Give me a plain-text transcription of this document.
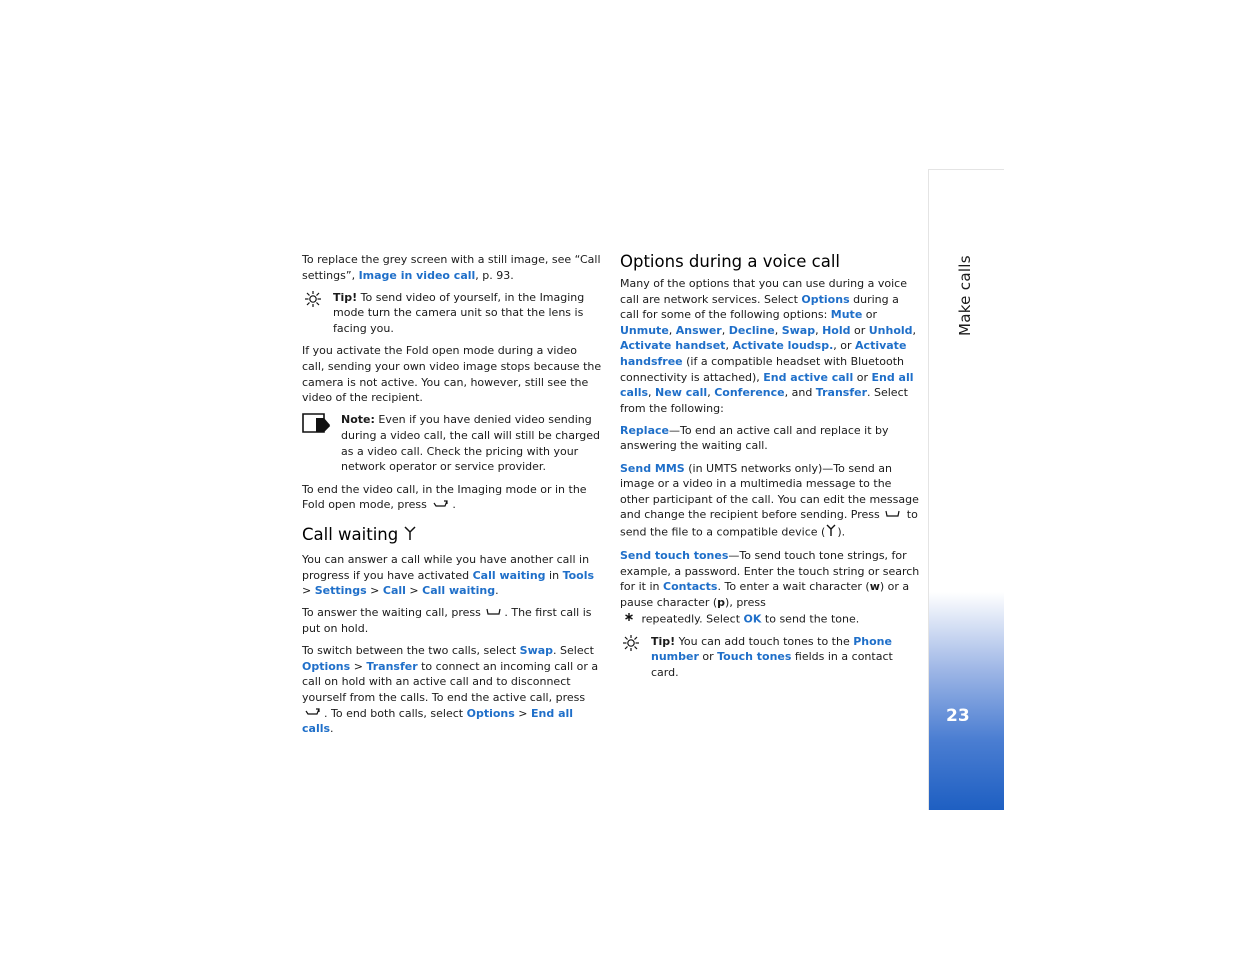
Make calls
23

To replace the grey screen with a still image, see “Call settings”, Image in video call, p. 93.

Tip! To send video of yourself, in the Imaging mode turn the camera unit so that the lens is facing you.

If you activate the Fold open mode during a video call, sending your own video image stops because the camera is not active. You can, however, still see the video of the recipient.

Note: Even if you have denied video sending during a video call, the call will still be charged as a video call. Check the pricing with your network operator or service provider.

To end the video call, in the Imaging mode or in the Fold open mode, press .

Call waiting

You can answer a call while you have another call in progress if you have activated Call waiting in Tools > Settings > Call > Call waiting.

To answer the waiting call, press . The first call is put on hold.

To switch between the two calls, select Swap. Select Options > Transfer to connect an incoming call or a call on hold with an active call and to disconnect yourself from the calls. To end the active call, press . To end both calls, select Options > End all calls.

Options during a voice call

Many of the options that you can use during a voice call are network services. Select Options during a call for some of the following options: Mute or Unmute, Answer, Decline, Swap, Hold or Unhold, Activate handset, Activate loudsp., or Activate handsfree (if a compatible headset with Bluetooth connectivity is attached), End active call or End all calls, New call, Conference, and Transfer. Select from the following:

Replace—To end an active call and replace it by answering the waiting call.

Send MMS (in UMTS networks only)—To send an image or a video in a multimedia message to the other participant of the call. You can edit the message and change the recipient before sending. Press  to send the file to a compatible device ( ).

Send touch tones—To send touch tone strings, for example, a password. Enter the touch string or search for it in Contacts. To enter a wait character (w) or a pause character (p), press
repeatedly. Select OK to send the tone.

Tip! You can add touch tones to the Phone number or Touch tones fields in a contact card.
